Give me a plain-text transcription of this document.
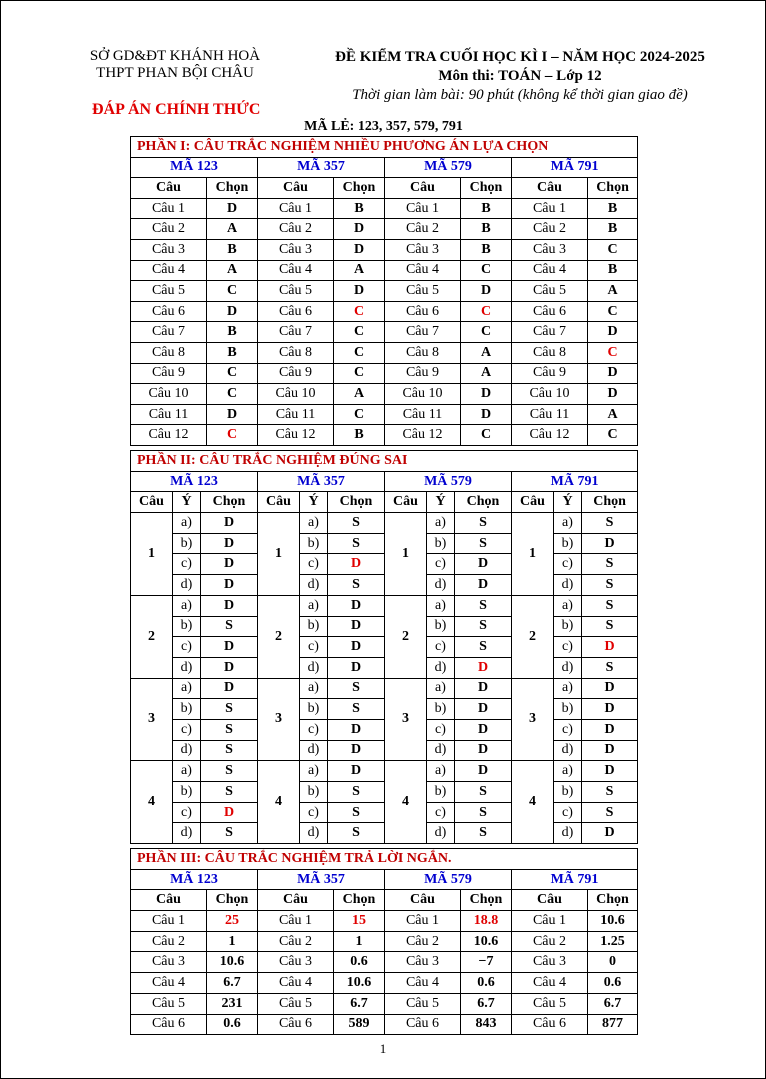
SỞ GD&ĐT KHÁNH HOÀ
THPT PHAN BỘI CHÂU
ĐỀ KIỂM TRA CUỐI HỌC KÌ I – NĂM HỌC 2024-2025
Môn thi: TOÁN – Lớp 12
Thời gian làm bài: 90 phút (không kể thời gian giao đề)
ĐÁP ÁN CHÍNH THỨC
MÃ LẺ: 123, 357, 579, 791
PHẦN I: CÂU TRẮC NGHIỆM NHIỀU PHƯƠNG ÁN LỰA CHỌN							
MÃ 123		MÃ 357		MÃ 579		MÃ 791	
Câu	Chọn	Câu	Chọn	Câu	Chọn	Câu	Chọn
Câu 1	D	Câu 1	B	Câu 1	B	Câu 1	B
Câu 2	A	Câu 2	D	Câu 2	B	Câu 2	B
Câu 3	B	Câu 3	D	Câu 3	B	Câu 3	C
Câu 4	A	Câu 4	A	Câu 4	C	Câu 4	B
Câu 5	C	Câu 5	D	Câu 5	D	Câu 5	A
Câu 6	D	Câu 6	C	Câu 6	C	Câu 6	C
Câu 7	B	Câu 7	C	Câu 7	C	Câu 7	D
Câu 8	B	Câu 8	C	Câu 8	A	Câu 8	C
Câu 9	C	Câu 9	C	Câu 9	A	Câu 9	D
Câu 10	C	Câu 10	A	Câu 10	D	Câu 10	D
Câu 11	D	Câu 11	C	Câu 11	D	Câu 11	A
Câu 12	C	Câu 12	B	Câu 12	C	Câu 12	C
PHẦN II: CÂU TRẮC NGHIỆM ĐÚNG SAI											
MÃ 123			MÃ 357			MÃ 579			MÃ 791		
Câu	Ý	Chọn	Câu	Ý	Chọn	Câu	Ý	Chọn	Câu	Ý	Chọn
1	a)	D	1	a)	S	1	a)	S	1	a)	S
	b)	D		b)	S		b)	S		b)	D
	c)	D		c)	D		c)	D		c)	S
	d)	D		d)	S		d)	D		d)	S
2	a)	D	2	a)	D	2	a)	S	2	a)	S
	b)	S		b)	D		b)	S		b)	S
	c)	D		c)	D		c)	S		c)	D
	d)	D		d)	D		d)	D		d)	S
3	a)	D	3	a)	S	3	a)	D	3	a)	D
	b)	S		b)	S		b)	D		b)	D
	c)	S		c)	D		c)	D		c)	D
	d)	S		d)	D		d)	D		d)	D
4	a)	S	4	a)	D	4	a)	D	4	a)	D
	b)	S		b)	S		b)	S		b)	S
	c)	D		c)	S		c)	S		c)	S
	d)	S		d)	S		d)	S		d)	D
PHẦN III: CÂU TRẮC NGHIỆM TRẢ LỜI NGẮN.							
MÃ 123		MÃ 357		MÃ 579		MÃ 791	
Câu	Chọn	Câu	Chọn	Câu	Chọn	Câu	Chọn
Câu 1	25	Câu 1	15	Câu 1	18.8	Câu 1	10.6
Câu 2	1	Câu 2	1	Câu 2	10.6	Câu 2	1.25
Câu 3	10.6	Câu 3	0.6	Câu 3	−7	Câu 3	0
Câu 4	6.7	Câu 4	10.6	Câu 4	0.6	Câu 4	0.6
Câu 5	231	Câu 5	6.7	Câu 5	6.7	Câu 5	6.7
Câu 6	0.6	Câu 6	589	Câu 6	843	Câu 6	877
1
